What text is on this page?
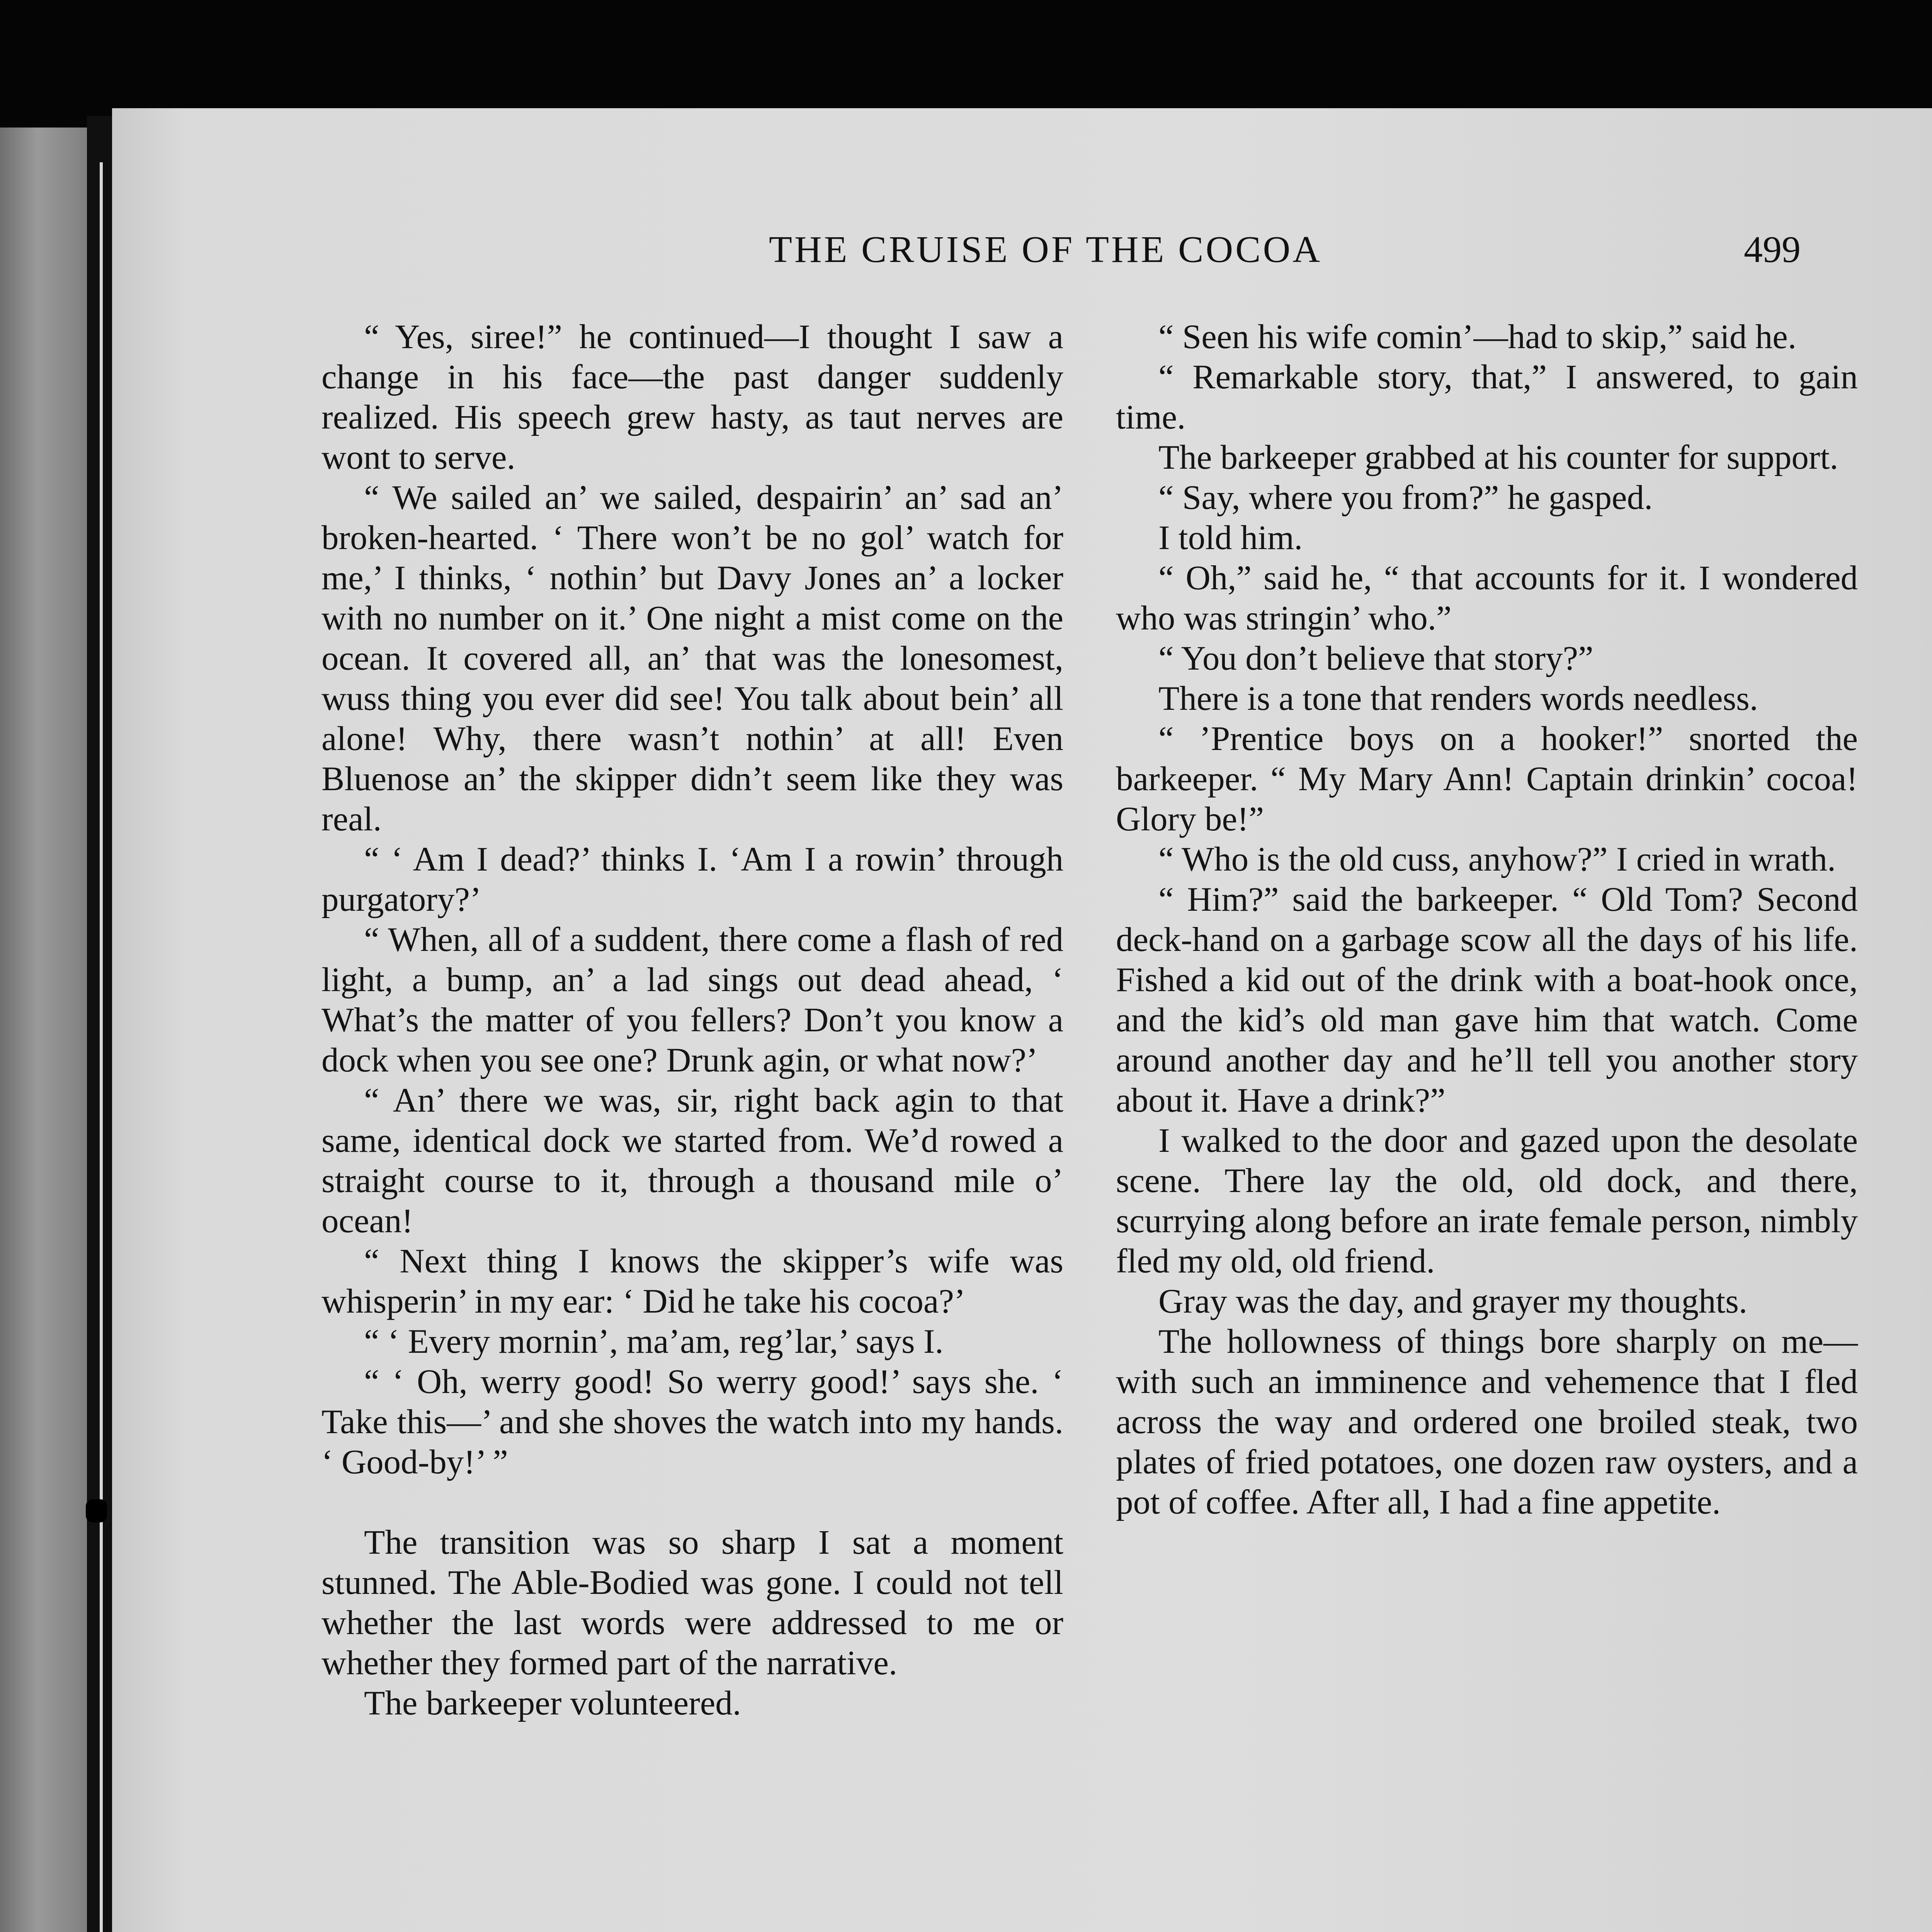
THE CRUISE OF THE COCOA	499

“ Yes, siree!” he continued—I thought I saw a change in his face—the past danger suddenly realized. His speech grew hasty, as taut nerves are wont to serve.

“ We sailed an’ we sailed, despairin’ an’ sad an’ broken-hearted. ‘ There won’t be no gol’ watch for me,’ I thinks, ‘ nothin’ but Davy Jones an’ a locker with no number on it.’ One night a mist come on the ocean. It covered all, an’ that was the lonesomest, wuss thing you ever did see! You talk about bein’ all alone! Why, there wasn’t nothin’ at all! Even Bluenose an’ the skipper didn’t seem like they was real.

“ ‘ Am I dead?’ thinks I. ‘Am I a rowin’ through purgatory?’

“ When, all of a suddent, there come a flash of red light, a bump, an’ a lad sings out dead ahead, ‘ What’s the matter of you fellers? Don’t you know a dock when you see one? Drunk agin, or what now?’

“ An’ there we was, sir, right back agin to that same, identical dock we started from. We’d rowed a straight course to it, through a thousand mile o’ ocean!

“ Next thing I knows the skipper’s wife was whisperin’ in my ear: ‘ Did he take his cocoa?’

“ ‘ Every mornin’, ma’am, reg’lar,’ says I.

“ ‘ Oh, werry good! So werry good!’ says she. ‘ Take this—’ and she shoves the watch into my hands. ‘ Good-by!’ ”

The transition was so sharp I sat a moment stunned. The Able-Bodied was gone. I could not tell whether the last words were addressed to me or whether they formed part of the narrative.

The barkeeper volunteered.

“ Seen his wife comin’—had to skip,” said he.

“ Remarkable story, that,” I answered, to gain time.

The barkeeper grabbed at his counter for support.

“ Say, where you from?” he gasped.

I told him.

“ Oh,” said he, “ that accounts for it. I wondered who was stringin’ who.”

“ You don’t believe that story?”

There is a tone that renders words needless.

“ ’Prentice boys on a hooker!” snorted the barkeeper. “ My Mary Ann! Captain drinkin’ cocoa! Glory be!”

“ Who is the old cuss, anyhow?” I cried in wrath.

“ Him?” said the barkeeper. “ Old Tom? Second deck-hand on a garbage scow all the days of his life. Fished a kid out of the drink with a boat-hook once, and the kid’s old man gave him that watch. Come around another day and he’ll tell you another story about it. Have a drink?”

I walked to the door and gazed upon the desolate scene. There lay the old, old dock, and there, scurrying along before an irate female person, nimbly fled my old, old friend.

Gray was the day, and grayer my thoughts.

The hollowness of things bore sharply on me—with such an imminence and vehemence that I fled across the way and ordered one broiled steak, two plates of fried potatoes, one dozen raw oysters, and a pot of coffee. After all, I had a fine appetite.
